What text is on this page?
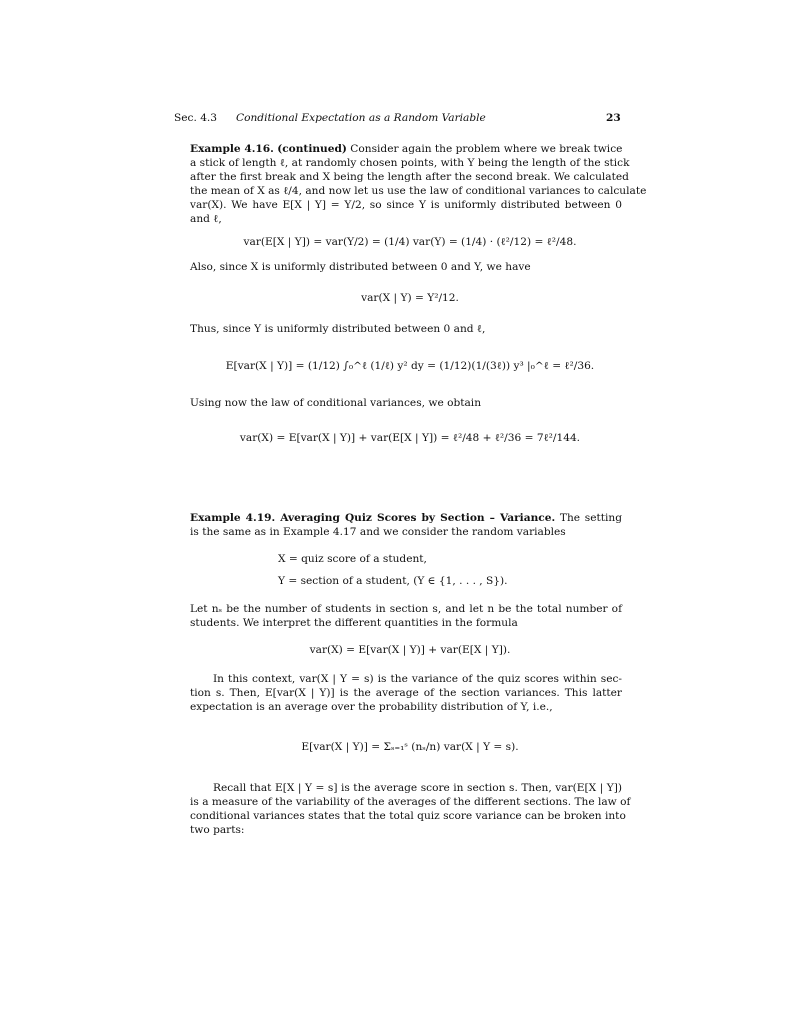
Sec. 4.3 Conditional Expectation as a Random Variable	23
Example 4.16. (continued) Consider again the problem where we break twice
a stick of length ℓ, at randomly chosen points, with Y being the length of the stick
after the first break and X being the length after the second break. We calculated
the mean of X as ℓ/4, and now let us use the law of conditional variances to calculate
var(X). We have E[X | Y] = Y/2, so since Y is uniformly distributed between 0
and ℓ,
var(E[X | Y]) = var(Y/2) = (1/4) var(Y) = (1/4) · (ℓ²/12) = ℓ²/48.
Also, since X is uniformly distributed between 0 and Y, we have
var(X | Y) = Y²/12.
Thus, since Y is uniformly distributed between 0 and ℓ,
E[var(X | Y)] = (1/12) ∫₀^ℓ (1/ℓ) y² dy = (1/12)(1/(3ℓ)) y³ |₀^ℓ = ℓ²/36.
Using now the law of conditional variances, we obtain
var(X) = E[var(X | Y)] + var(E[X | Y]) = ℓ²/48 + ℓ²/36 = 7ℓ²/144.
Example 4.19. Averaging Quiz Scores by Section – Variance. The setting
is the same as in Example 4.17 and we consider the random variables
X = quiz score of a student,
Y = section of a student, (Y ∈ {1, . . . , S}).
Let nₛ be the number of students in section s, and let n be the total number of
students. We interpret the different quantities in the formula
var(X) = E[var(X | Y)] + var(E[X | Y]).
In this context, var(X | Y = s) is the variance of the quiz scores within sec-
tion s. Then, E[var(X | Y)] is the average of the section variances. This latter
expectation is an average over the probability distribution of Y, i.e.,
E[var(X | Y)] = Σₛ₌₁ˢ (nₛ/n) var(X | Y = s).
Recall that E[X | Y = s] is the average score in section s. Then, var(E[X | Y])
is a measure of the variability of the averages of the different sections. The law of
conditional variances states that the total quiz score variance can be broken into
two parts:
